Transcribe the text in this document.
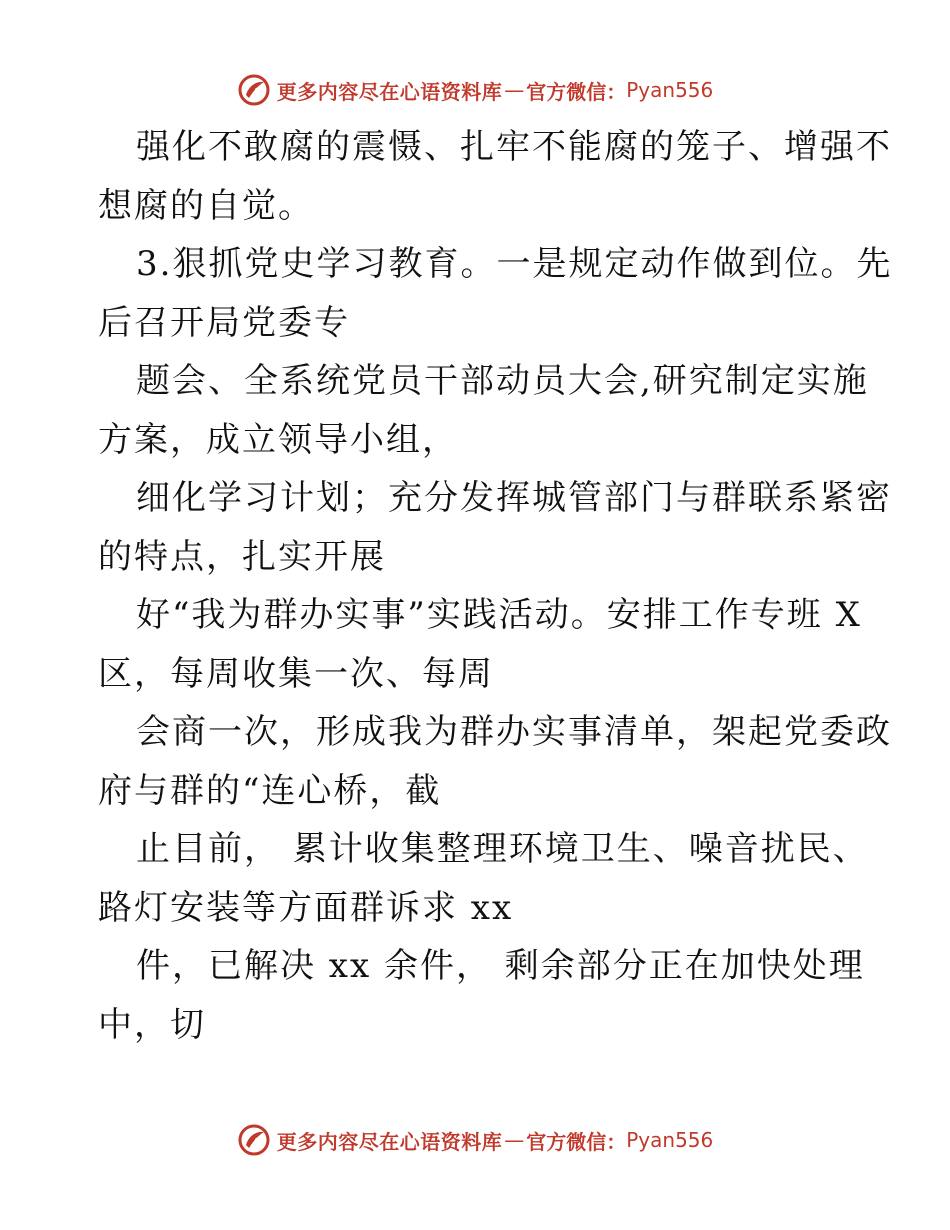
更多内容尽在心语资料库 — 官方微信： Pyan556
强化不敢腐的震慑、扎牢不能腐的笼子、增强不
想腐的自觉。
3.狠抓党史学习教育。一是规定动作做到位。先
后召开局党委专
题会、全系统党员干部动员大会,研究制定实施
方案，成立领导小组，
细化学习计划；充分发挥城管部门与群联系紧密
的特点，扎实开展
好“我为群办实事”实践活动。安排工作专班 X
区，每周收集一次、每周
会商一次，形成我为群办实事清单，架起党委政
府与群的“连心桥，截
止目前， 累计收集整理环境卫生、噪音扰民、
路灯安装等方面群诉求 xx
件，已解决 xx 余件， 剩余部分正在加快处理
中，切
更多内容尽在心语资料库 — 官方微信： Pyan556
